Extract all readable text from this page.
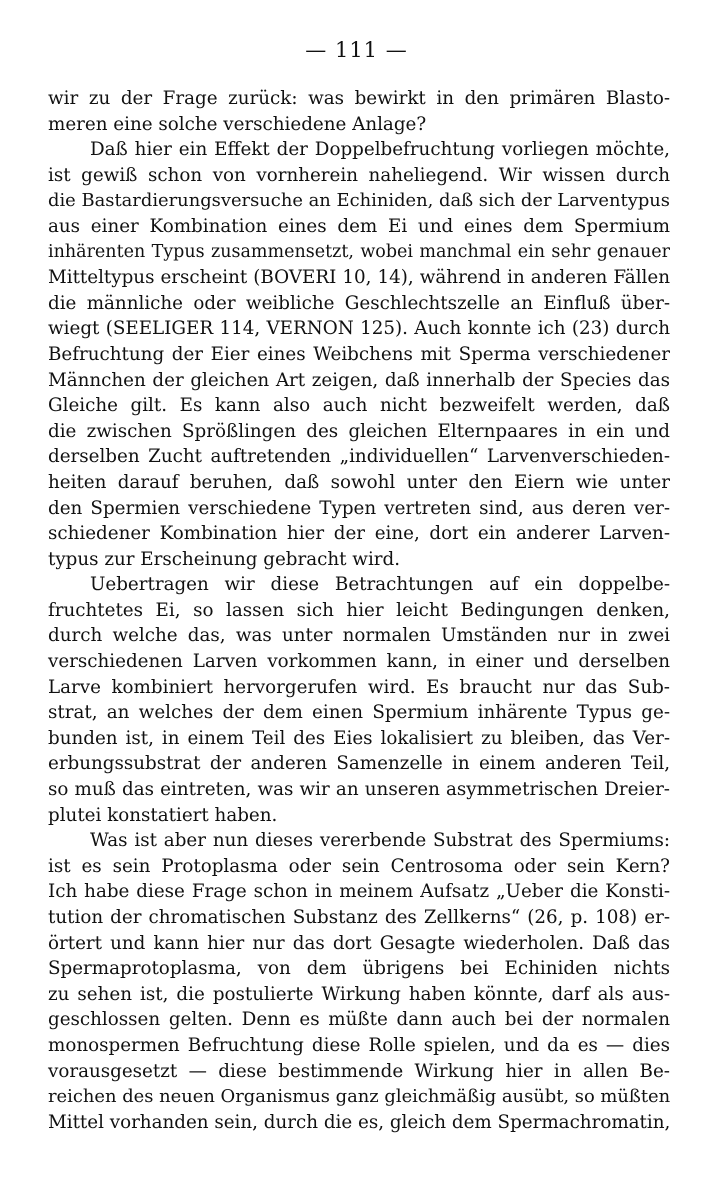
— 111 —
wir zu der Frage zurück: was bewirkt in den primären Blasto-
meren eine solche verschiedene Anlage?
Daß hier ein Effekt der Doppelbefruchtung vorliegen möchte,
ist gewiß schon von vornherein naheliegend. Wir wissen durch
die Bastardierungsversuche an Echiniden, daß sich der Larventypus
aus einer Kombination eines dem Ei und eines dem Spermium
inhärenten Typus zusammensetzt, wobei manchmal ein sehr genauer
Mitteltypus erscheint (BOVERI 10, 14), während in anderen Fällen
die männliche oder weibliche Geschlechtszelle an Einfluß über-
wiegt (SEELIGER 114, VERNON 125). Auch konnte ich (23) durch
Befruchtung der Eier eines Weibchens mit Sperma verschiedener
Männchen der gleichen Art zeigen, daß innerhalb der Species das
Gleiche gilt. Es kann also auch nicht bezweifelt werden, daß
die zwischen Sprößlingen des gleichen Elternpaares in ein und
derselben Zucht auftretenden „individuellen“ Larvenverschieden-
heiten darauf beruhen, daß sowohl unter den Eiern wie unter
den Spermien verschiedene Typen vertreten sind, aus deren ver-
schiedener Kombination hier der eine, dort ein anderer Larven-
typus zur Erscheinung gebracht wird.
Uebertragen wir diese Betrachtungen auf ein doppelbe-
fruchtetes Ei, so lassen sich hier leicht Bedingungen denken,
durch welche das, was unter normalen Umständen nur in zwei
verschiedenen Larven vorkommen kann, in einer und derselben
Larve kombiniert hervorgerufen wird. Es braucht nur das Sub-
strat, an welches der dem einen Spermium inhärente Typus ge-
bunden ist, in einem Teil des Eies lokalisiert zu bleiben, das Ver-
erbungssubstrat der anderen Samenzelle in einem anderen Teil,
so muß das eintreten, was wir an unseren asymmetrischen Dreier-
plutei konstatiert haben.
Was ist aber nun dieses vererbende Substrat des Spermiums:
ist es sein Protoplasma oder sein Centrosoma oder sein Kern?
Ich habe diese Frage schon in meinem Aufsatz „Ueber die Konsti-
tution der chromatischen Substanz des Zellkerns“ (26, p. 108) er-
örtert und kann hier nur das dort Gesagte wiederholen. Daß das
Spermaprotoplasma, von dem übrigens bei Echiniden nichts
zu sehen ist, die postulierte Wirkung haben könnte, darf als aus-
geschlossen gelten. Denn es müßte dann auch bei der normalen
monospermen Befruchtung diese Rolle spielen, und da es — dies
vorausgesetzt — diese bestimmende Wirkung hier in allen Be-
reichen des neuen Organismus ganz gleichmäßig ausübt, so müßten
Mittel vorhanden sein, durch die es, gleich dem Spermachromatin,
